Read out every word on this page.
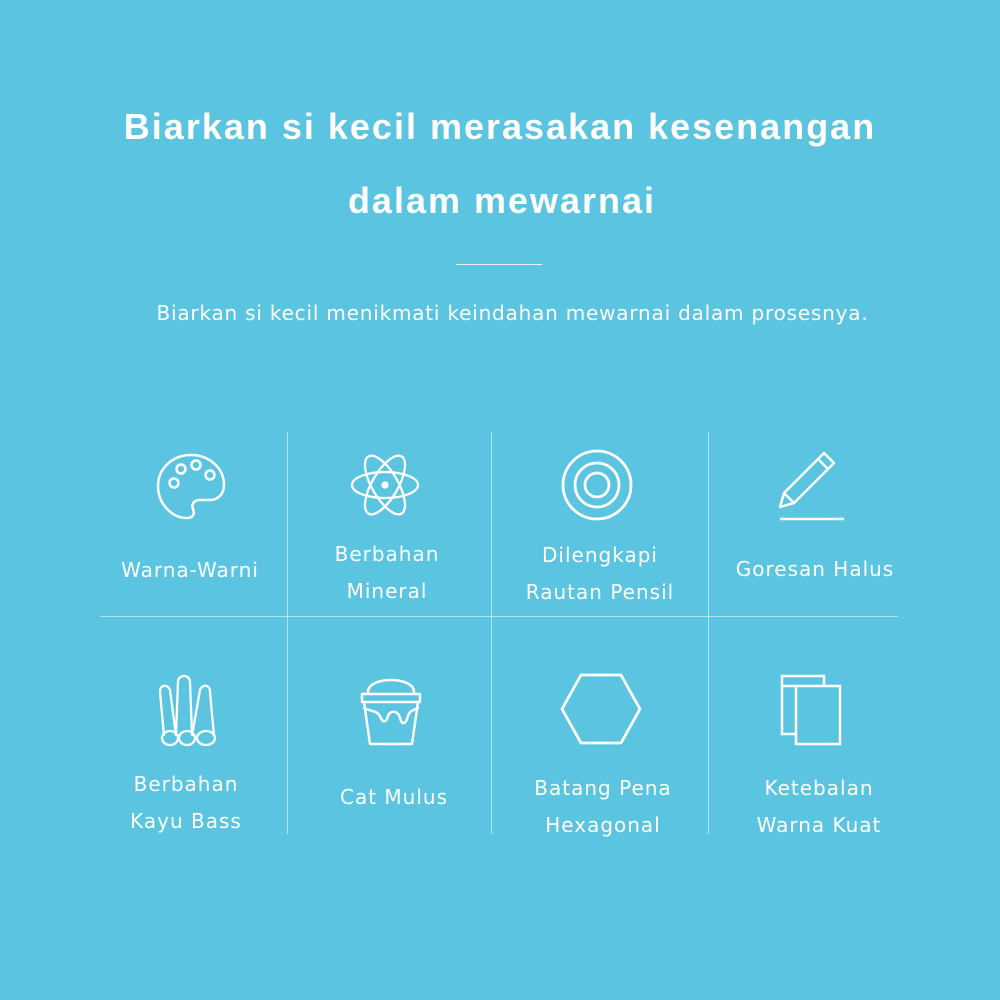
Biarkan si kecil merasakan kesenangan
dalam mewarnai

Biarkan si kecil menikmati keindahan mewarnai dalam prosesnya.

Warna-Warni
Berbahan
Mineral
Dilengkapi
Rautan Pensil
Goresan Halus
Berbahan
Kayu Bass
Cat Mulus	Batang Pena
Hexagonal
Ketebalan
Warna Kuat
